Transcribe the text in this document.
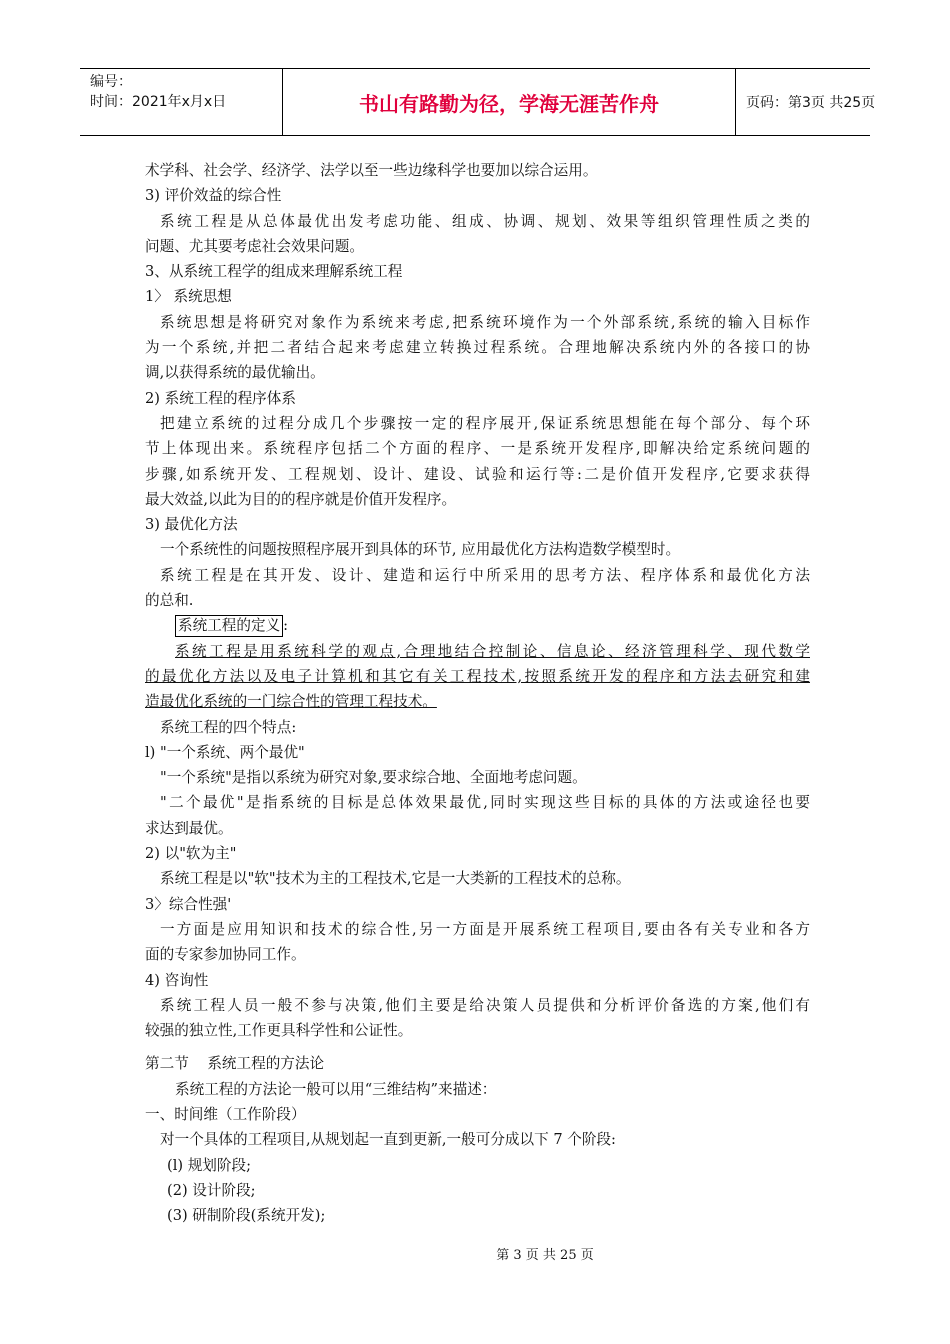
编号：
时间：2021年x月x日	书山有路勤为径，学海无涯苦作舟	页码：第3页 共25页
术学科、社会学、经济学、法学以至一些边缘科学也要加以综合运用。
3) 评价效益的综合性
系统工程是从总体最优出发考虑功能、组成、协调、规划、效果等组织管理性质之类的
问题、尤其要考虑社会效果问题。
3、从系统工程学的组成来理解系统工程
1〉 系统思想
系统思想是将研究对象作为系统来考虑,把系统环境作为一个外部系统,系统的输入目标作
为一个系统,并把二者结合起来考虑建立转换过程系统。合理地解决系统内外的各接口的协
调,以获得系统的最优输出。
2) 系统工程的程序体系
把建立系统的过程分成几个步骤按一定的程序展开,保证系统思想能在每个部分、每个环
节上体现出来。系统程序包括二个方面的程序、一是系统开发程序,即解决给定系统问题的
步骤,如系统开发、工程规划、设计、建设、试验和运行等:二是价值开发程序,它要求获得
最大效益,以此为目的的程序就是价值开发程序。
3) 最优化方法
一个系统性的问题按照程序展开到具体的环节, 应用最优化方法构造数学模型时。
系统工程是在其开发、设计、建造和运行中所采用的思考方法、程序体系和最优化方法
的总和.
系统工程的定义 :
系统工程是用系统科学的观点,合理地结合控制论、信息论、经济管理科学、现代数学
的最优化方法以及电子计算机和其它有关工程技术,按照系统开发的程序和方法去研究和建
造最优化系统的一门综合性的管理工程技术。
系统工程的四个特点:
l) "一个系统、两个最优"
"一个系统"是指以系统为研究对象,要求综合地、全面地考虑问题。
"二个最优"是指系统的目标是总体效果最优,同时实现这些目标的具体的方法或途径也要
求达到最优。
2) 以"软为主"
系统工程是以"软"技术为主的工程技术,它是一大类新的工程技术的总称。
3〉综合性强'
一方面是应用知识和技术的综合性,另一方面是开展系统工程项目,要由各有关专业和各方
面的专家参加协同工作。
4) 咨询性
系统工程人员一般不参与决策,他们主要是给决策人员提供和分析评价备选的方案,他们有
较强的独立性,工作更具科学性和公证性。
第二节    系统工程的方法论
系统工程的方法论一般可以用“三维结构”来描述：
一、时间维（工作阶段）
对一个具体的工程项目,从规划起一直到更新,一般可分成以下 7 个阶段:
(l) 规划阶段;
(2) 设计阶段;
(3) 研制阶段(系统开发);
第 3 页 共 25 页
